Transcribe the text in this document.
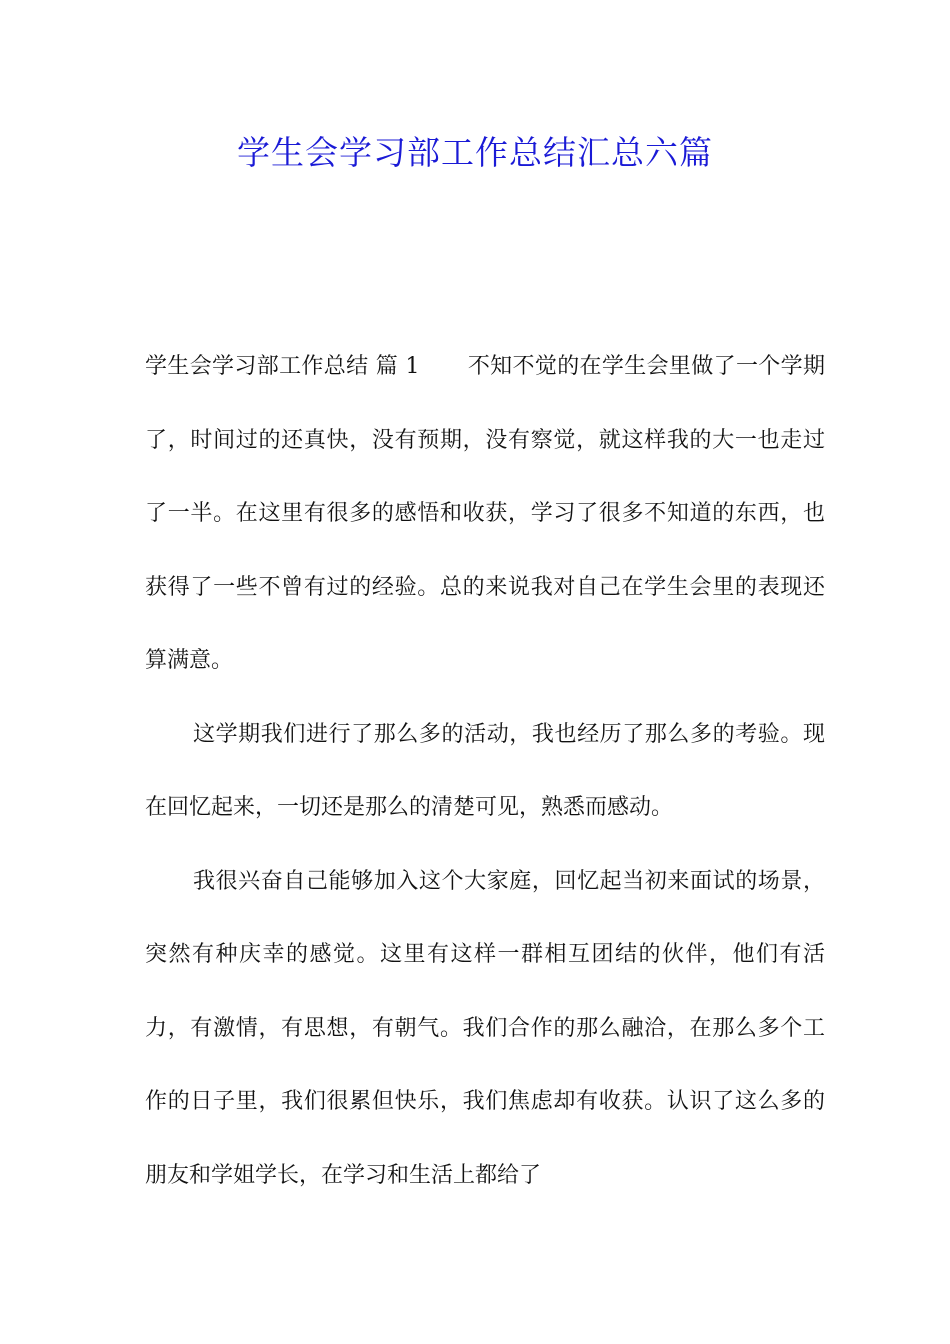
学生会学习部工作总结汇总六篇

学生会学习部工作总结 篇 1 不知不觉的在学生会里做了一个学期了，时间过的还真快，没有预期，没有察觉，就这样我的大一也走过了一半。在这里有很多的感悟和收获，学习了很多不知道的东西，也获得了一些不曾有过的经验。总的来说我对自己在学生会里的表现还算满意。

这学期我们进行了那么多的活动，我也经历了那么多的考验。现在回忆起来，一切还是那么的清楚可见，熟悉而感动。

我很兴奋自己能够加入这个大家庭，回忆起当初来面试的场景，突然有种庆幸的感觉。这里有这样一群相互团结的伙伴，他们有活力，有激情，有思想，有朝气。我们合作的那么融洽，在那么多个工作的日子里，我们很累但快乐，我们焦虑却有收获。认识了这么多的朋友和学姐学长，在学习和生活上都给了
